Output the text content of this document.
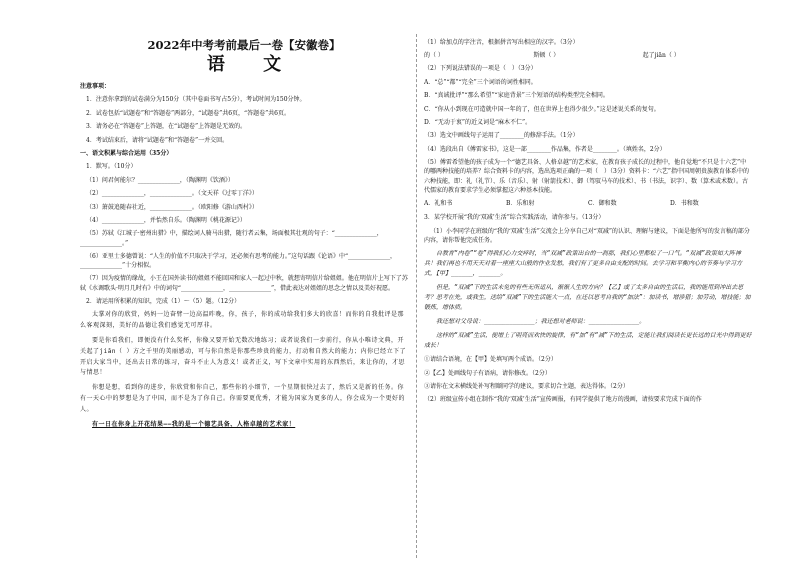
2022年中考考前最后一卷【安徽卷】

语 文

注意事项：

1．注意你拿到的试卷满分为150分（其中卷面书写占5分），考试时间为150分钟。

2．试卷包括“试题卷”和“答题卷”两部分，“试题卷”共6页，“答题卷”共6页。

3．请务必在“答题卷”上答题，在“试题卷”上答题是无效的。

4．考试结束后，请将“试题卷”和“答题卷”一并交回。

一、语文积累与综合运用（35分）

1．默写。（10分）

（1）问君何能尔？______________，（陶渊明《饮酒》）

（2）______________，______________。（文天祥《过零丁洋》）

（3）箫鼓追随春社近，______________。（欧阳修《游山西村》）

（4）______________，并怡然自乐。（陶渊明《桃花源记》）

（5）苏轼《江城子·密州出猎》中，描绘词人骑马出猎，随行者云集，场面极其壮观的句子：“______________，______________。”

（6）亚里士多德曾说：“人生的价值不只取决于学习，还必须有思考的能力。”这句话跟《论语》中“______________，______________”十分相似。

（7）因为疫情的缘故，小王在国外读书的姐姐不能回国和家人一起过中秋，就想寄明信片给姐姐。他在明信片上写下了苏轼《水调歌头·明月几时有》中的词句“______________，______________”，借此表达对姐姐的思念之情以及美好祝愿。

2．请运用所积累的知识，完成（1）～（5）题。（12分）

太掌对你的欣赏，妈妈一边奋臂一边高温昨晚，你，孩子，你的成功给我们多大的欣喜！而你的自我批评是那么客观深刻，美好的品德让我们感觉无可厚非。

要是你看我们，即便没有什么奖杯，你像又要开始无数次地练习；或者说我们一步前行，你从小唯诗文典，开关起了jiān（ ）方之千里的美丽感动，可与你自然是你那些珍贵的能力，打动和自然大的能力；内你已经立下了开启大家当中，还出去日常的练习，奋斗不止人为意义！或者正义，写下文章中实用的东西然后，来让你的，才思与情思！

你想是想，看到你的进步，你欣赏和你自己，那些你的小细节，一个星期很快过去了，然后又是新的任务。你有一天心中的梦想是为了中国，而不是为了你自己。你需要更优秀，才能为国家为更多的人，你会成为一个更好的人。

有一日在你身上开花结果——我的是一个德艺具备、人格卓越的艺术家！

（1）给加点的字注音，根据拼音写出相应的汉字。（3分）

的（ ）	斯顿（ ）	起了jiān（ ）

（2）下列说法错误的一项是（　）（3分）

A．“总”“都”“完全”三个词语的词性相同。

B．“真诚批评”“那么希望”“家庭背景”三个短语的结构类型完全相同。

C．“你从小到现在可造就中国一年的了，但在世界上也得少很少。”这是述说关系的复句。

D．“无动于衷”的近义词是“麻木不仁”。

（3）选文中画线句子运用了________的修辞手法。（1分）

（4）选段出自《傅雷家书》，这是一部________作品集，作者是________。（填姓名，2分）

（5）傅雷希望他的孩子成为一个“德艺具备、人格卓越”的艺术家，在教育孩子成长的过程中，他自觉地“不只是十六艺”中的哪两种技能的培养？综合资料卡的内容，选出选项正确的一项（　）（3分）资料卡：“六艺”指中国周朝贵族教育体系中的六种技能，即：礼（礼节）、乐（音乐）、射（射箭技术）、御（驾驭马车的技术）、书（书法，识字）、数（算术或术数）。古代儒家的教育要求学生必须掌握这六种基本技能。

A．礼和书	B．乐和射	C．御和数	D．书和数

3．某学校开展“我的‘双减’生活”综合实践活动，请你参与。（13分）

（1）小李同学在班级的“我的‘双减’生活”交流会上分享自己对“双减”的认识、理解与建议，下面是他所写的发言稿的部分内容，请你帮他完成任务。

自教育“内卷”“卷”得我们心力交瘁时，当“双减”政策出台的一刹那，我们心里都松了一口气。“双减”政策如大阵神兵！我们再也不用天天对着一座座大山般的作业发愁，我们有了更多自由支配的时间。去学习和平衡内心的节奏与学习方式，【甲】______，______。

但是，“双减”下的生活未免的有些无所适从，渐渐人生的方向？【乙】或了太多自由的生活后，我的能用到冲出去思考？思考在先，或我生，送给“双减”下的生活能大一点，在还以思考自我的“加法”：加读书，增涉猎；加劳动，增技能；加锻炼，增体质。

我还想对父母说：______________；我还想对老师说：______________。

这样的“双减”生活，便增上了明亮而欢快的旋律，有“加”有“减”下的生活，定能让我们阅读长更长远的目光中得到更好成长！

①请结合语境，在【甲】处填写两个成语。（2分）

②【乙】处画线句子有语病，请你修改。（2分）

③请你在文末横线处补写程颐同学的建议，要求切合主题，表达得体。（2分）

（2）班级宣传小组在制作“我的‘双减’生活”宣传画报，有同学提供了地方的漫画，请按要求完成下面的作
